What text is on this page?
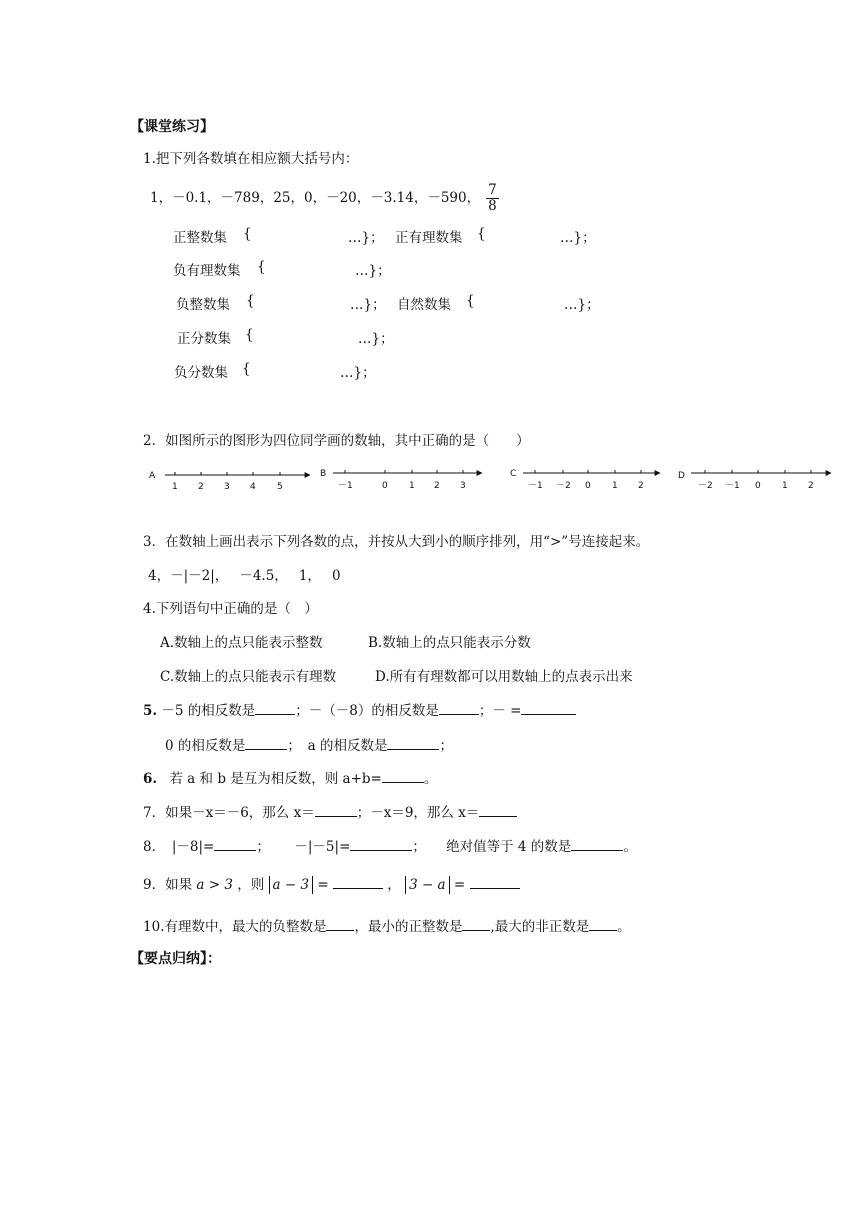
【课堂练习】
1.把下列各数填在相应额大括号内：
1，－0.1，－789，25，0，－20，－3.14，－590， $\frac{7}{8}$
正整数集 {	…}； 正有理数集 {	…}；
负有理数集 {	…}；
负整数集 {	…}； 自然数集 {	…}；
正分数集 {	…}；
负分数集 {	…}；
2．如图所示的图形为四位同学画的数轴，其中正确的是（　　）
A
1 2 3 4 5
B
－1	0 1 2 3
C
－1 －2 0 1 2
D
－2 －1 0 1 2
3．在数轴上画出表示下列各数的点，并按从大到小的顺序排列，用“>”号连接起来。
4，－|－2|，　 －4.5，　 1，　 0
4.下列语句中正确的是（　）
A.数轴上的点只能表示整数	B.数轴上的点只能表示分数
C.数轴上的点只能表示有理数	D.所有有理数都可以用数轴上的点表示出来
5. －5 的相反数是	；－（－8）的相反数是	；－ =
0 的相反数是	；　a 的相反数是	；
6. 若 a 和 b 是互为相反数，则 a+b=	。
7．如果－x＝－6，那么 x＝	；－x＝9，那么 x＝
8．　|－8|=	；　　 －|－5|=	；　　绝对值等于 4 的数是	。
9．如果 a > 3 ，则 a − 3 =	， 3 − a =
10.有理数中，最大的负整数是 ，最小的正整数是 ,最大的非正数是 。
【要点归纳】：
